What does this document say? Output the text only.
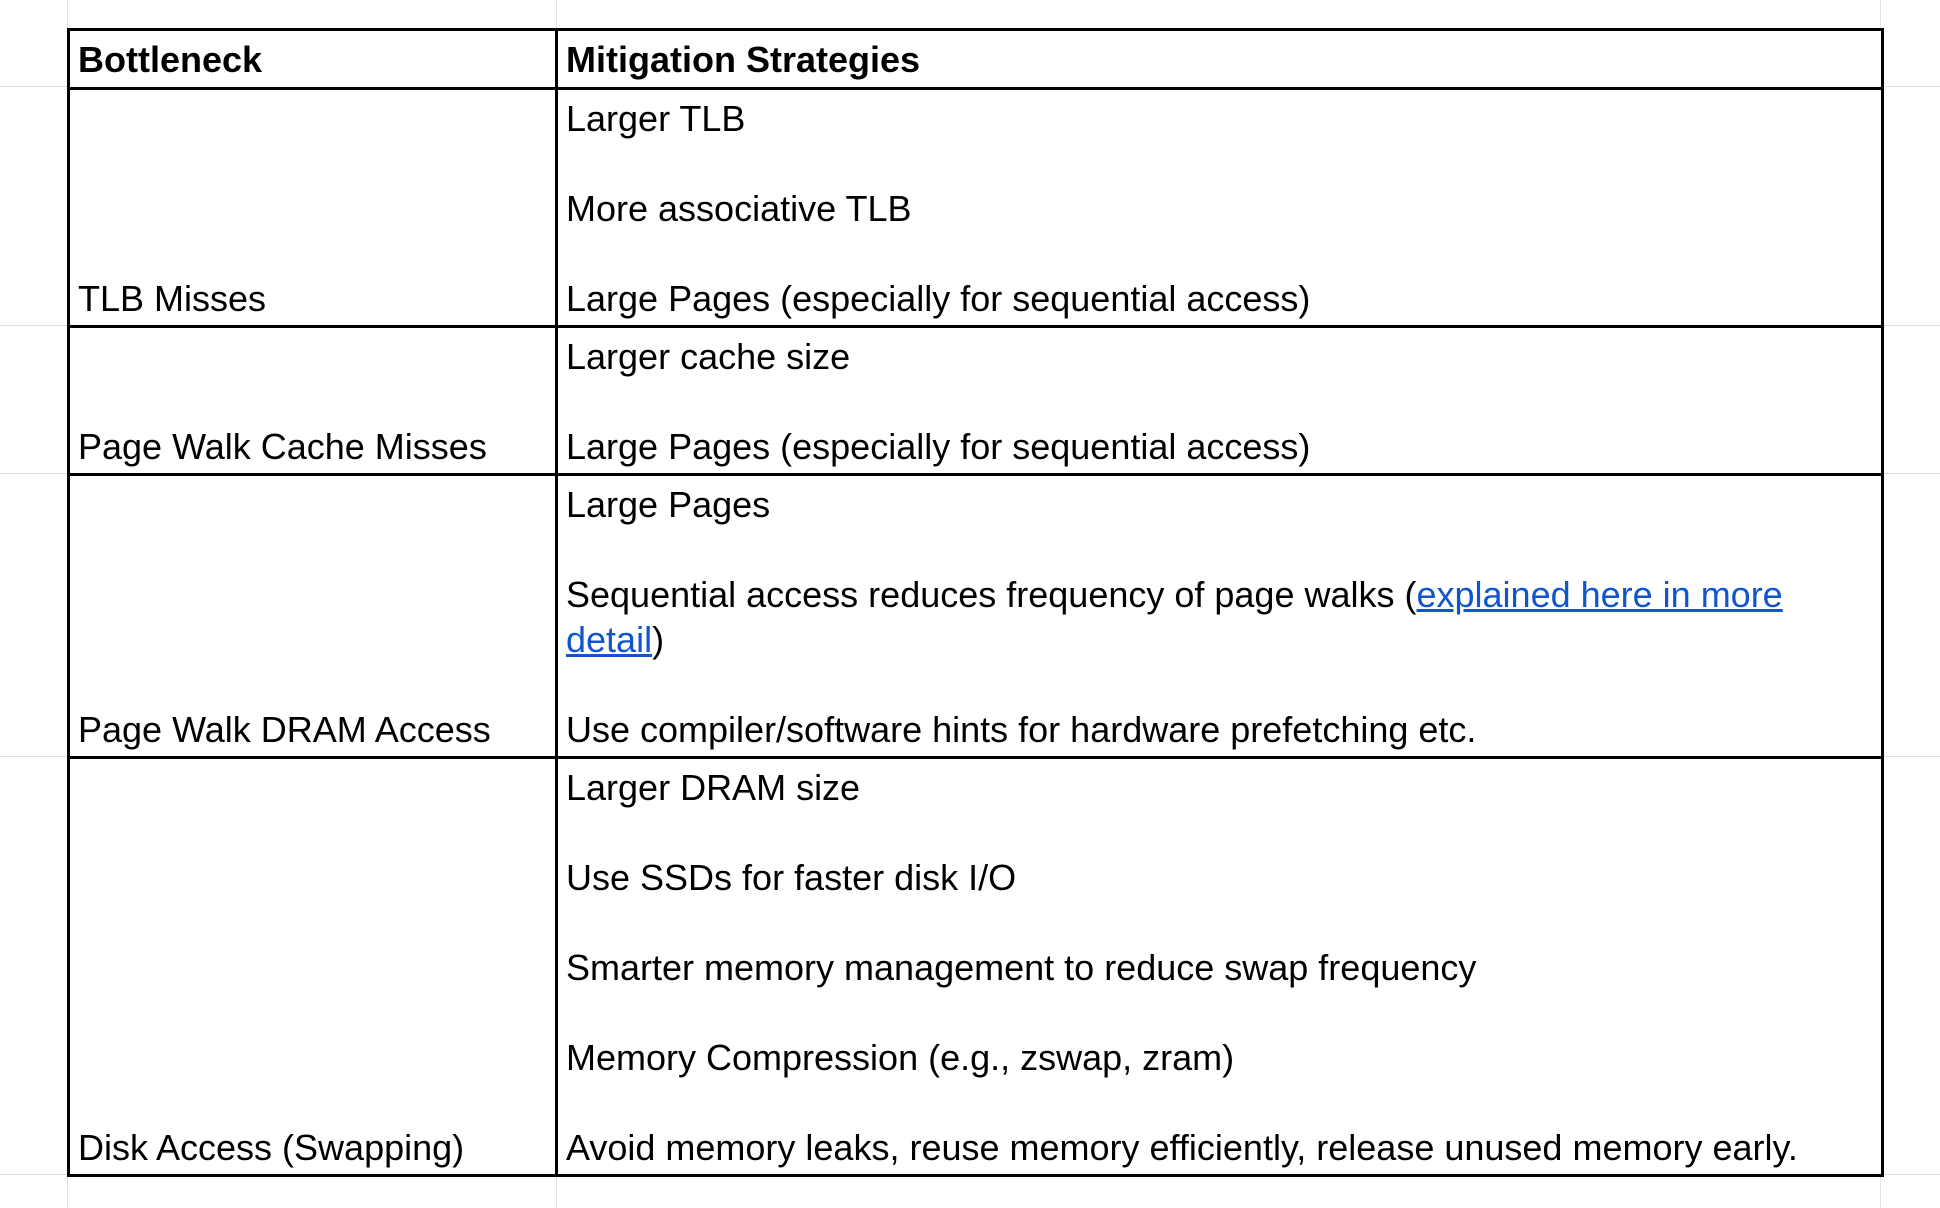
Bottleneck	Mitigation Strategies
TLB Misses	Larger TLB
More associative TLB
Large Pages (especially for sequential access)

Page Walk Cache Misses	Larger cache size
Large Pages (especially for sequential access)

Page Walk DRAM Access	Large Pages
Sequential access reduces frequency of page walks (explained here in more detail)
Use compiler/software hints for hardware prefetching etc.

Disk Access (Swapping)	Larger DRAM size
Use SSDs for faster disk I/O
Smarter memory management to reduce swap frequency
Memory Compression (e.g., zswap, zram)
Avoid memory leaks, reuse memory efficiently, release unused memory early.
